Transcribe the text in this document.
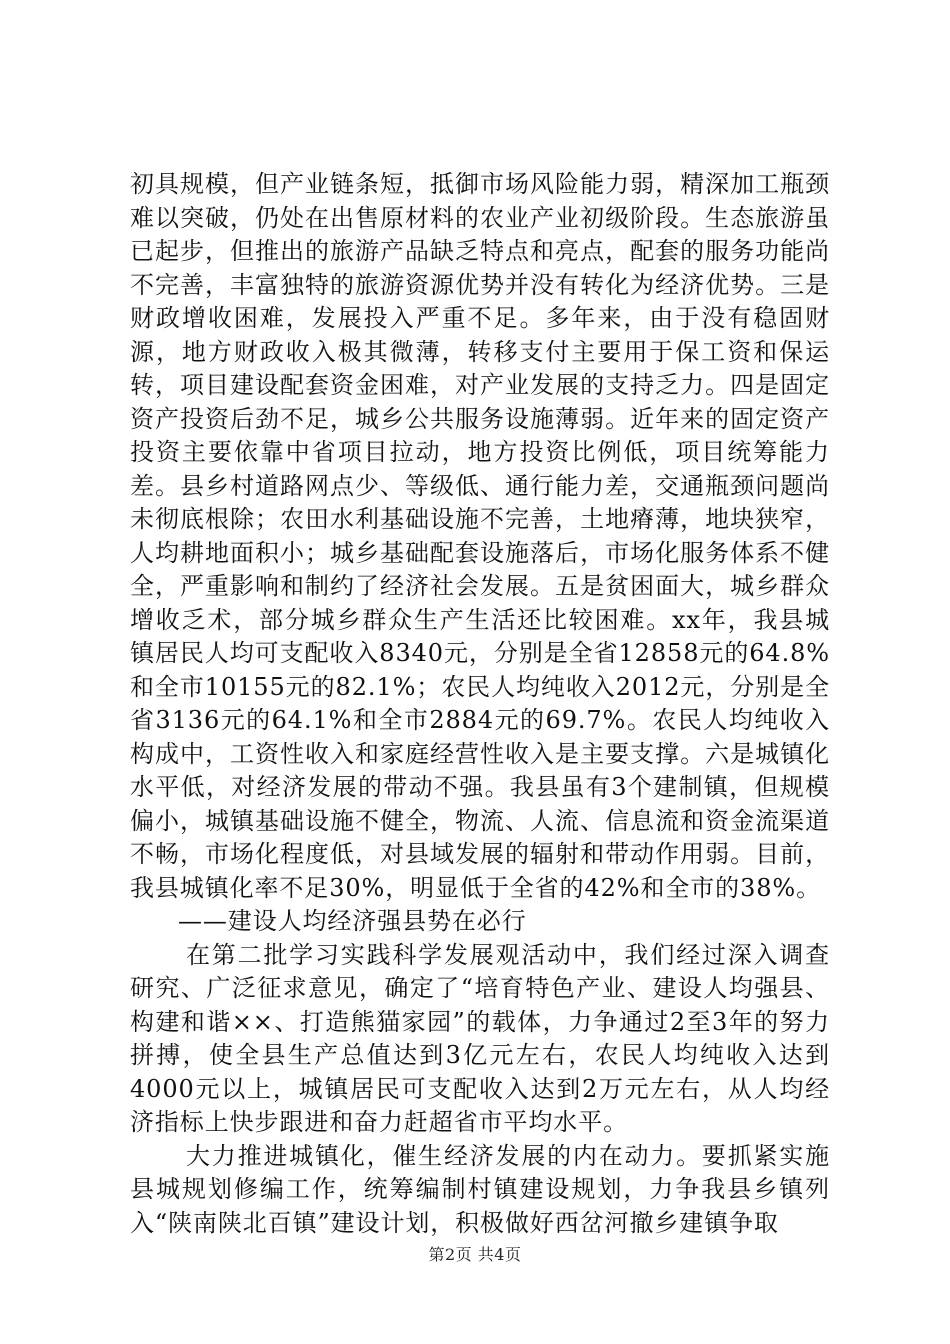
初具规模，但产业链条短，抵御市场风险能力弱，精深加工瓶颈难以突破，仍处在出售原材料的农业产业初级阶段。生态旅游虽已起步，但推出的旅游产品缺乏特点和亮点，配套的服务功能尚不完善，丰富独特的旅游资源优势并没有转化为经济优势。三是财政增收困难，发展投入严重不足。多年来，由于没有稳固财源，地方财政收入极其微薄，转移支付主要用于保工资和保运转，项目建设配套资金困难，对产业发展的支持乏力。四是固定资产投资后劲不足，城乡公共服务设施薄弱。近年来的固定资产投资主要依靠中省项目拉动，地方投资比例低，项目统筹能力差。县乡村道路网点少、等级低、通行能力差，交通瓶颈问题尚未彻底根除；农田水利基础设施不完善，土地瘠薄，地块狭窄，人均耕地面积小；城乡基础配套设施落后，市场化服务体系不健全，严重影响和制约了经济社会发展。五是贫困面大，城乡群众增收乏术，部分城乡群众生产生活还比较困难。xx年，我县城镇居民人均可支配收入8340元，分别是全省12858元的64.8%和全市10155元的82.1%；农民人均纯收入2012元，分别是全省3136元的64.1%和全市2884元的69.7%。农民人均纯收入构成中，工资性收入和家庭经营性收入是主要支撑。六是城镇化水平低，对经济发展的带动不强。我县虽有3个建制镇，但规模偏小，城镇基础设施不健全，物流、人流、信息流和资金流渠道不畅，市场化程度低，对县域发展的辐射和带动作用弱。目前，我县城镇化率不足30%，明显低于全省的42%和全市的38%。

——建设人均经济强县势在必行

在第二批学习实践科学发展观活动中，我们经过深入调查研究、广泛征求意见，确定了“培育特色产业、建设人均强县、构建和谐××、打造熊猫家园”的载体，力争通过2至3年的努力拼搏，使全县生产总值达到3亿元左右，农民人均纯收入达到4000元以上，城镇居民可支配收入达到2万元左右，从人均经济指标上快步跟进和奋力赶超省市平均水平。

大力推进城镇化，催生经济发展的内在动力。要抓紧实施县城规划修编工作，统筹编制村镇建设规划，力争我县乡镇列入“陕南陕北百镇”建设计划，积极做好西岔河撤乡建镇争取

第2页 共4页
